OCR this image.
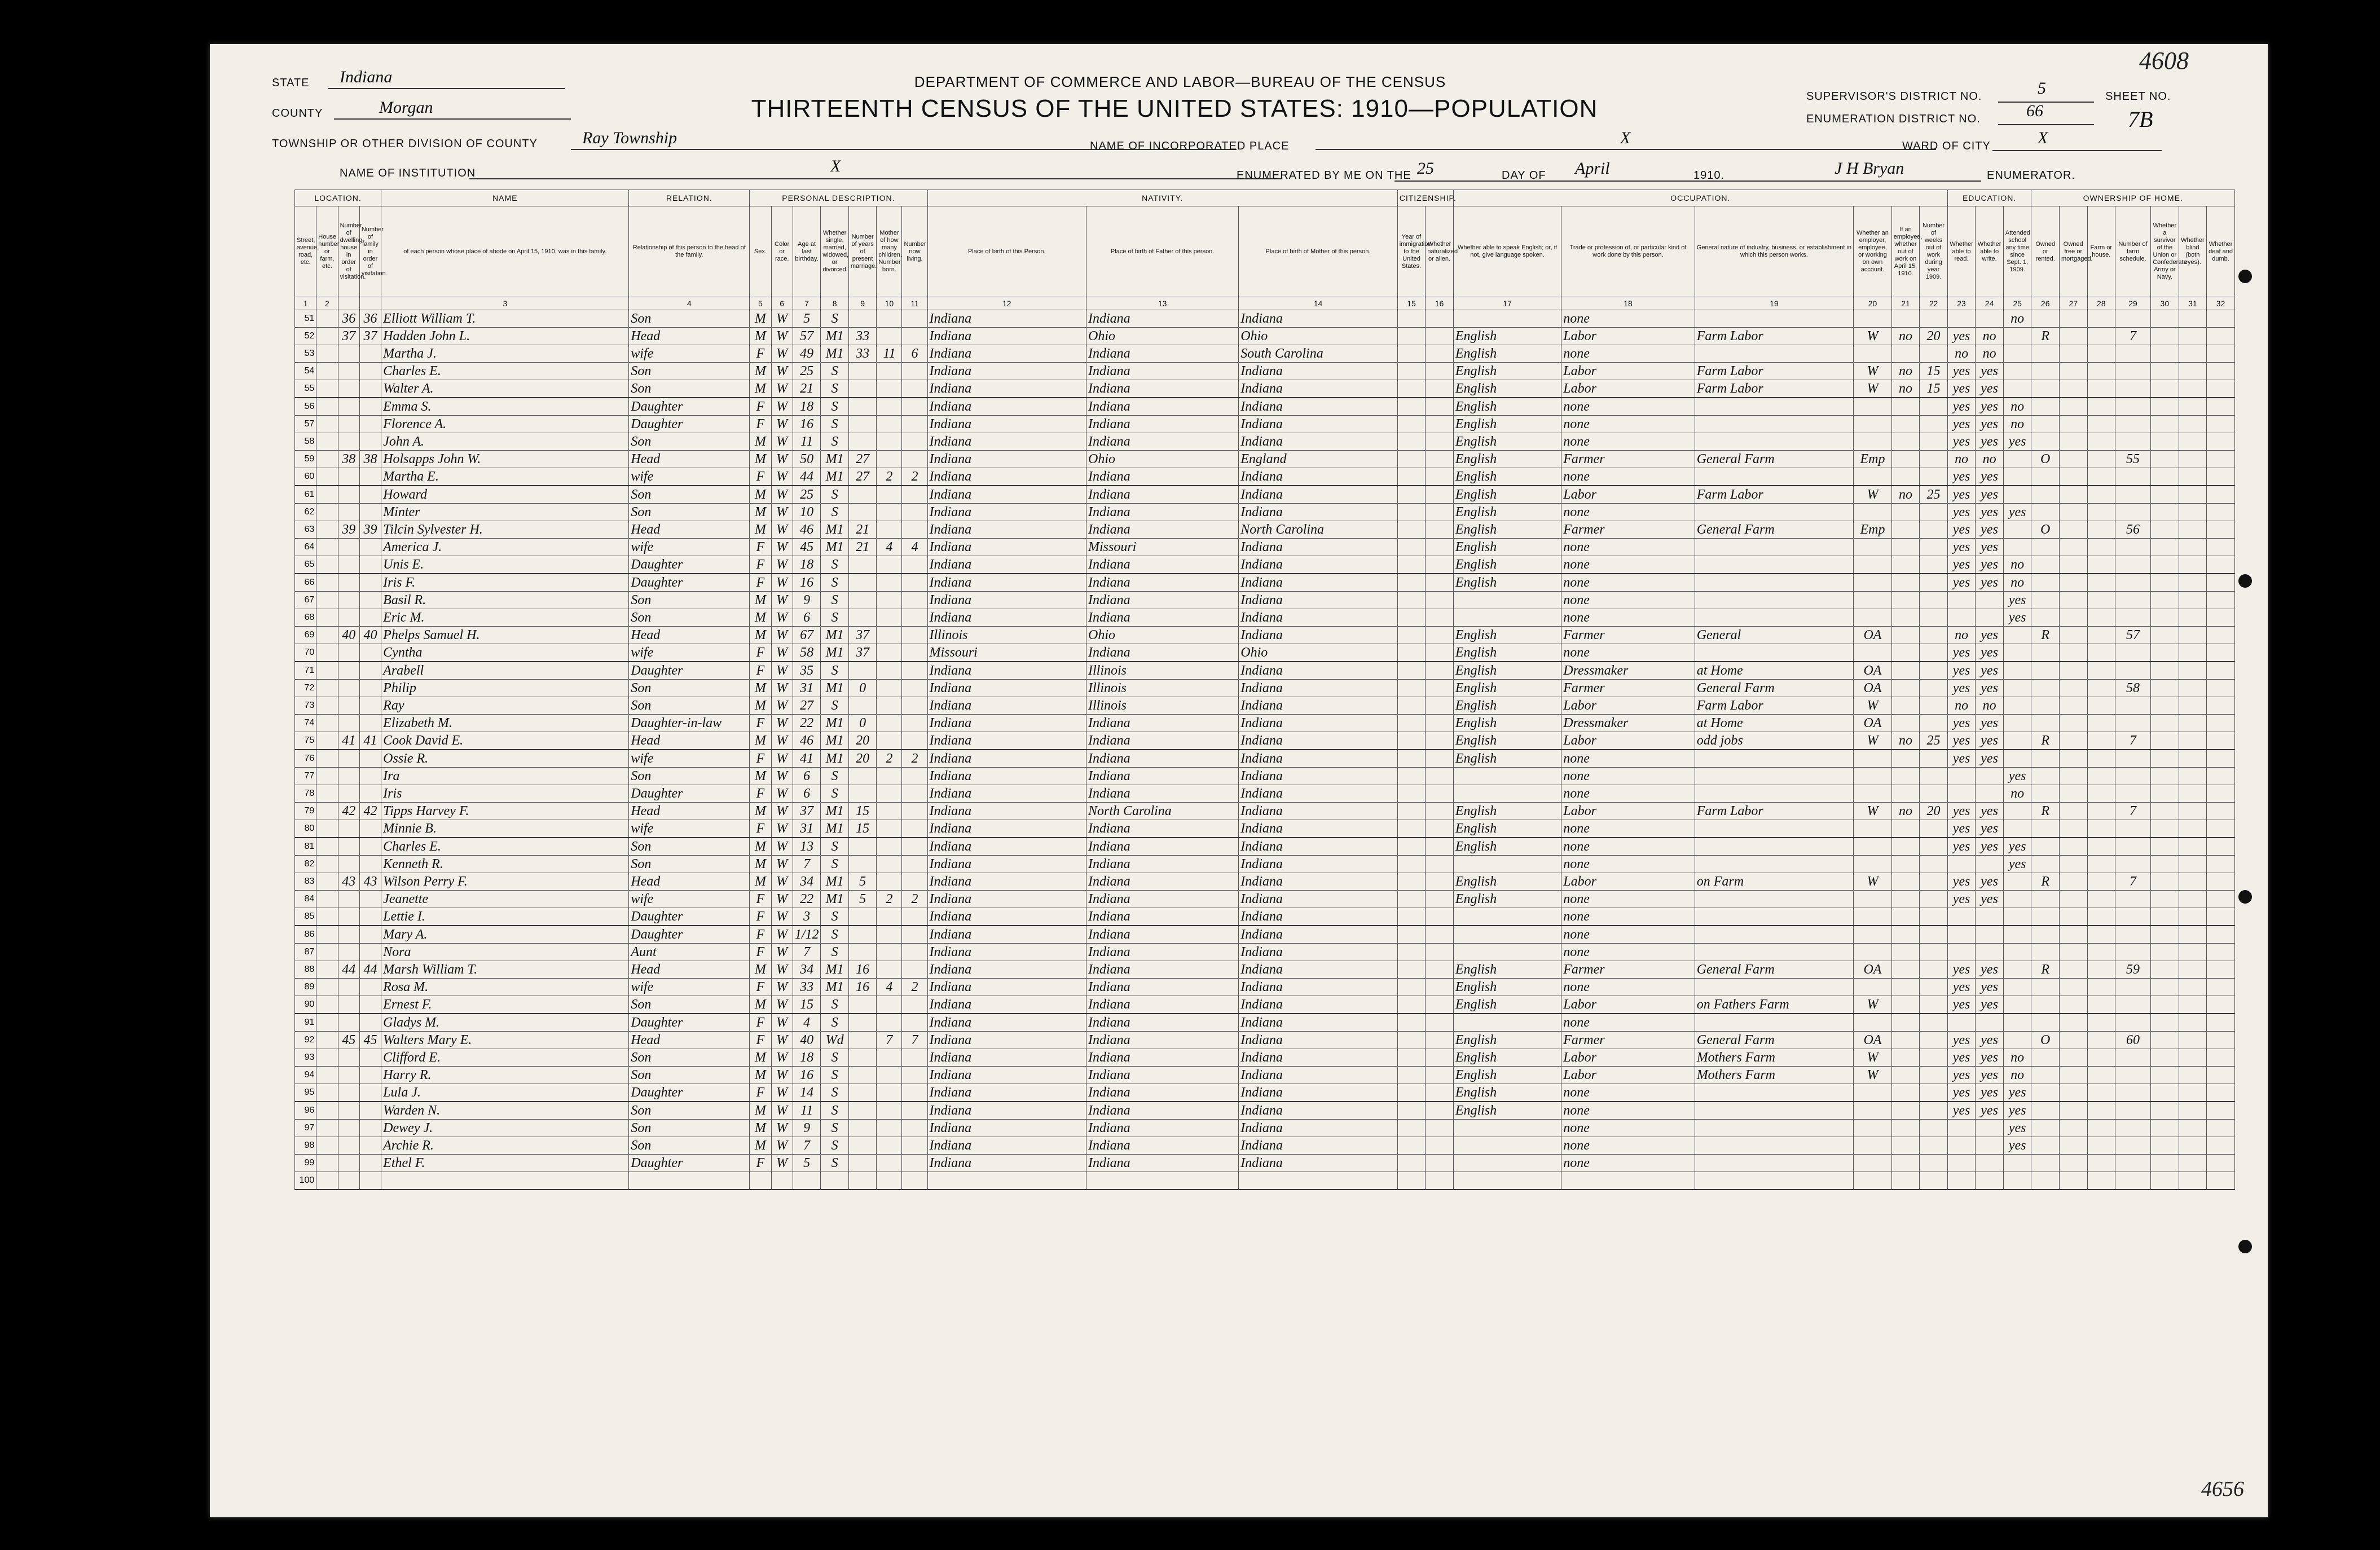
STATE Indiana
COUNTY	Morgan
TOWNSHIP OR OTHER DIVISION OF COUNTY	Ray Township
NAME OF INSTITUTION	X
DEPARTMENT OF COMMERCE AND LABOR—BUREAU OF THE CENSUS
THIRTEENTH CENSUS OF THE UNITED STATES: 1910—POPULATION
NAME OF INCORPORATED PLACE	X
ENUMERATED BY ME ON THE 25	DAY OF April	1910.	J H Bryan	ENUMERATOR.
SUPERVISOR'S DISTRICT NO.	5
ENUMERATION DISTRICT NO.	66
WARD OF CITY	X
SHEET NO.
7B
4608
4656
LOCATION.				NAME	RELATION.	PERSONAL DESCRIPTION.							NATIVITY.			CITIZENSHIP.		OCCUPATION.						EDUCATION.			OWNERSHIP OF HOME.						
Street, avenue, road, etc.	House number or farm, etc.	Number of dwelling-house in order of visitation.	Number of family in order of visitation.	of each person whose place of abode on April 15, 1910, was in this family.	Relationship of this person to the head of the family.	Sex.	Color or race.	Age at last birthday.	Whether single, married, widowed, or divorced.	Number of years of present marriage.	Mother of how many children. Number born.	Number now living.	Place of birth of this Person.	Place of birth of Father of this person.	Place of birth of Mother of this person.	Year of immigration to the United States.	Whether naturalized or alien.	Whether able to speak English; or, if not, give language spoken.	Trade or profession of, or particular kind of work done by this person.	General nature of industry, business, or establishment in which this person works.	Whether an employer, employee, or working on own account.	If an employee, whether out of work on April 15, 1910.	Number of weeks out of work during year 1909.	Whether able to read.	Whether able to write.	Attended school any time since Sept. 1, 1909.	Owned or rented.	Owned free or mortgaged.	Farm or house.	Number of farm schedule.	Whether a survivor of the Union or Confederate Army or Navy.	Whether blind (both eyes).	Whether deaf and dumb.
1	2			3	4	5	6	7	8	9	10	11	12	13	14	15	16	17	18	19	20	21	22	23	24	25	26	27	28	29	30	31	32
51		36	36	Elliott William T.	Son	M	W	5	S				Indiana	Indiana	Indiana				none							no							
52		37	37	Hadden John L.	Head	M	W	57	M1	33			Indiana	Ohio	Ohio			English	Labor	Farm Labor	W	no	20	yes	no		R			7			
53				Martha J.	wife	F	W	49	M1	33	11	6	Indiana	Indiana	South Carolina			English	none					no	no								
54				Charles E.	Son	M	W	25	S				Indiana	Indiana	Indiana			English	Labor	Farm Labor	W	no	15	yes	yes								
55				Walter A.	Son	M	W	21	S				Indiana	Indiana	Indiana			English	Labor	Farm Labor	W	no	15	yes	yes								
56				Emma S.	Daughter	F	W	18	S				Indiana	Indiana	Indiana			English	none					yes	yes	no							
57				Florence A.	Daughter	F	W	16	S				Indiana	Indiana	Indiana			English	none					yes	yes	no							
58				John A.	Son	M	W	11	S				Indiana	Indiana	Indiana			English	none					yes	yes	yes							
59		38	38	Holsapps John W.	Head	M	W	50	M1	27			Indiana	Ohio	England			English	Farmer	General Farm	Emp			no	no		O			55			
60				Martha E.	wife	F	W	44	M1	27	2	2	Indiana	Indiana	Indiana			English	none					yes	yes								
61				Howard	Son	M	W	25	S				Indiana	Indiana	Indiana			English	Labor	Farm Labor	W	no	25	yes	yes								
62				Minter	Son	M	W	10	S				Indiana	Indiana	Indiana			English	none					yes	yes	yes							
63		39	39	Tilcin Sylvester H.	Head	M	W	46	M1	21			Indiana	Indiana	North Carolina			English	Farmer	General Farm	Emp			yes	yes		O			56			
64				America J.	wife	F	W	45	M1	21	4	4	Indiana	Missouri	Indiana			English	none					yes	yes								
65				Unis E.	Daughter	F	W	18	S				Indiana	Indiana	Indiana			English	none					yes	yes	no							
66				Iris F.	Daughter	F	W	16	S				Indiana	Indiana	Indiana			English	none					yes	yes	no							
67				Basil R.	Son	M	W	9	S				Indiana	Indiana	Indiana				none							yes							
68				Eric M.	Son	M	W	6	S				Indiana	Indiana	Indiana				none							yes							
69		40	40	Phelps Samuel H.	Head	M	W	67	M1	37			Illinois	Ohio	Indiana			English	Farmer	General	OA			no	yes		R			57			
70				Cyntha	wife	F	W	58	M1	37			Missouri	Indiana	Ohio			English	none					yes	yes								
71				Arabell	Daughter	F	W	35	S				Indiana	Illinois	Indiana			English	Dressmaker	at Home	OA			yes	yes								
72				Philip	Son	M	W	31	M1	0			Indiana	Illinois	Indiana			English	Farmer	General Farm	OA			yes	yes					58			
73				Ray	Son	M	W	27	S				Indiana	Illinois	Indiana			English	Labor	Farm Labor	W			no	no								
74				Elizabeth M.	Daughter-in-law	F	W	22	M1	0			Indiana	Indiana	Indiana			English	Dressmaker	at Home	OA			yes	yes								
75		41	41	Cook David E.	Head	M	W	46	M1	20			Indiana	Indiana	Indiana			English	Labor	odd jobs	W	no	25	yes	yes		R			7			
76				Ossie R.	wife	F	W	41	M1	20	2	2	Indiana	Indiana	Indiana			English	none					yes	yes								
77				Ira	Son	M	W	6	S				Indiana	Indiana	Indiana				none							yes							
78				Iris	Daughter	F	W	6	S				Indiana	Indiana	Indiana				none							no							
79		42	42	Tipps Harvey F.	Head	M	W	37	M1	15			Indiana	North Carolina	Indiana			English	Labor	Farm Labor	W	no	20	yes	yes		R			7			
80				Minnie B.	wife	F	W	31	M1	15			Indiana	Indiana	Indiana			English	none					yes	yes								
81				Charles E.	Son	M	W	13	S				Indiana	Indiana	Indiana			English	none					yes	yes	yes							
82				Kenneth R.	Son	M	W	7	S				Indiana	Indiana	Indiana				none							yes							
83		43	43	Wilson Perry F.	Head	M	W	34	M1	5			Indiana	Indiana	Indiana			English	Labor	on Farm	W			yes	yes		R			7			
84				Jeanette	wife	F	W	22	M1	5	2	2	Indiana	Indiana	Indiana			English	none					yes	yes								
85				Lettie I.	Daughter	F	W	3	S				Indiana	Indiana	Indiana				none														
86				Mary A.	Daughter	F	W	1/12	S				Indiana	Indiana	Indiana				none														
87				Nora	Aunt	F	W	7	S				Indiana	Indiana	Indiana				none														
88		44	44	Marsh William T.	Head	M	W	34	M1	16			Indiana	Indiana	Indiana			English	Farmer	General Farm	OA			yes	yes		R			59			
89				Rosa M.	wife	F	W	33	M1	16	4	2	Indiana	Indiana	Indiana			English	none					yes	yes								
90				Ernest F.	Son	M	W	15	S				Indiana	Indiana	Indiana			English	Labor	on Fathers Farm	W			yes	yes								
91				Gladys M.	Daughter	F	W	4	S				Indiana	Indiana	Indiana				none														
92		45	45	Walters Mary E.	Head	F	W	40	Wd		7	7	Indiana	Indiana	Indiana			English	Farmer	General Farm	OA			yes	yes		O			60			
93				Clifford E.	Son	M	W	18	S				Indiana	Indiana	Indiana			English	Labor	Mothers Farm	W			yes	yes	no							
94				Harry R.	Son	M	W	16	S				Indiana	Indiana	Indiana			English	Labor	Mothers Farm	W			yes	yes	no							
95				Lula J.	Daughter	F	W	14	S				Indiana	Indiana	Indiana			English	none					yes	yes	yes							
96				Warden N.	Son	M	W	11	S				Indiana	Indiana	Indiana			English	none					yes	yes	yes							
97				Dewey J.	Son	M	W	9	S				Indiana	Indiana	Indiana				none							yes							
98				Archie R.	Son	M	W	7	S				Indiana	Indiana	Indiana				none							yes							
99				Ethel F.	Daughter	F	W	5	S				Indiana	Indiana	Indiana				none														
100																																	
